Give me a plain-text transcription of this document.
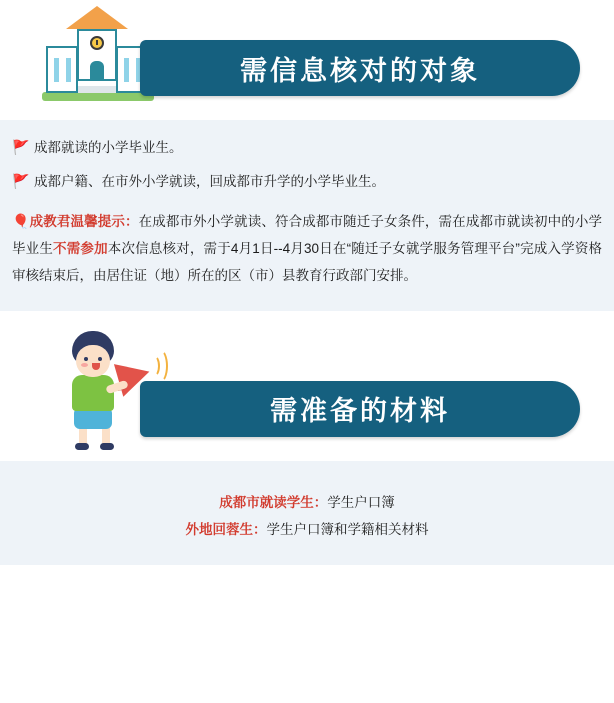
需信息核对的对象
🚩 成都就读的小学毕业生。
🚩 成都户籍、在市外小学就读，回成都市升学的小学毕业生。

🎈成教君温馨提示：在成都市外小学就读、符合成都市随迁子女条件，需在成都市就读初中的小学毕业生不需参加本次信息核对，需于4月1日--4月30日在“随迁子女就学服务管理平台”完成入学资格审核结束后，由居住证（地）所在的区（市）县教育行政部门安排。

需准备的材料
成都市就读学生：学生户口簿
外地回蓉生：学生户口簿和学籍相关材料
